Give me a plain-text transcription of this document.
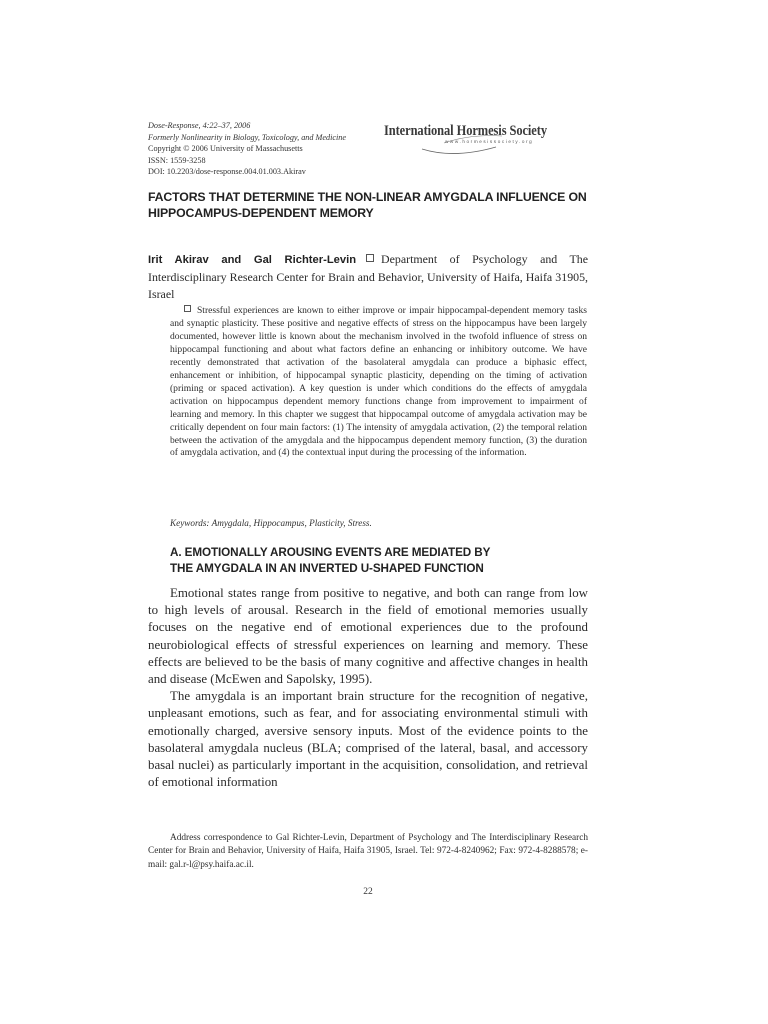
Dose-Response, 4:22–37, 2006
Formerly Nonlinearity in Biology, Toxicology, and Medicine
Copyright © 2006 University of Massachusetts
ISSN: 1559-3258
DOI: 10.2203/dose-response.004.01.003.Akirav
International Hormesis Society
www.hormesissociety.org
FACTORS THAT DETERMINE THE NON-LINEAR AMYGDALA INFLUENCE ON HIPPOCAMPUS-DEPENDENT MEMORY
Irit Akirav and Gal Richter-Levin Department of Psychology and The Interdisciplinary Research Center for Brain and Behavior, University of Haifa, Haifa 31905, Israel
Stressful experiences are known to either improve or impair hippocampal-dependent memory tasks and synaptic plasticity. These positive and negative effects of stress on the hippocampus have been largely documented, however little is known about the mechanism involved in the twofold influence of stress on hippocampal functioning and about what factors define an enhancing or inhibitory outcome. We have recently demonstrated that activation of the basolateral amygdala can produce a biphasic effect, enhancement or inhibition, of hippocampal synaptic plasticity, depending on the timing of activation (priming or spaced activation). A key question is under which conditions do the effects of amygdala activation on hippocampus dependent memory functions change from improvement to impairment of learning and memory. In this chapter we suggest that hippocampal outcome of amygdala activation may be critically dependent on four main factors: (1) The intensity of amygdala activation, (2) the temporal relation between the activation of the amygdala and the hippocampus dependent memory function, (3) the duration of amygdala activation, and (4) the contextual input during the processing of the information.
Keywords: Amygdala, Hippocampus, Plasticity, Stress.
A. EMOTIONALLY AROUSING EVENTS ARE MEDIATED BY
THE AMYGDALA IN AN INVERTED U-SHAPED FUNCTION

Emotional states range from positive to negative, and both can range from low to high levels of arousal. Research in the field of emotional memories usually focuses on the negative end of emotional experiences due to the profound neurobiological effects of stressful experiences on learning and memory. These effects are believed to be the basis of many cognitive and affective changes in health and disease (McEwen and Sapolsky, 1995).

The amygdala is an important brain structure for the recognition of negative, unpleasant emotions, such as fear, and for associating environmental stimuli with emotionally charged, aversive sensory inputs. Most of the evidence points to the basolateral amygdala nucleus (BLA; comprised of the lateral, basal, and accessory basal nuclei) as particularly important in the acquisition, consolidation, and retrieval of emotional information

Address correspondence to Gal Richter-Levin, Department of Psychology and The Interdisciplinary Research Center for Brain and Behavior, University of Haifa, Haifa 31905, Israel. Tel: 972-4-8240962; Fax: 972-4-8288578; e-mail: gal.r-l@psy.haifa.ac.il.
22
